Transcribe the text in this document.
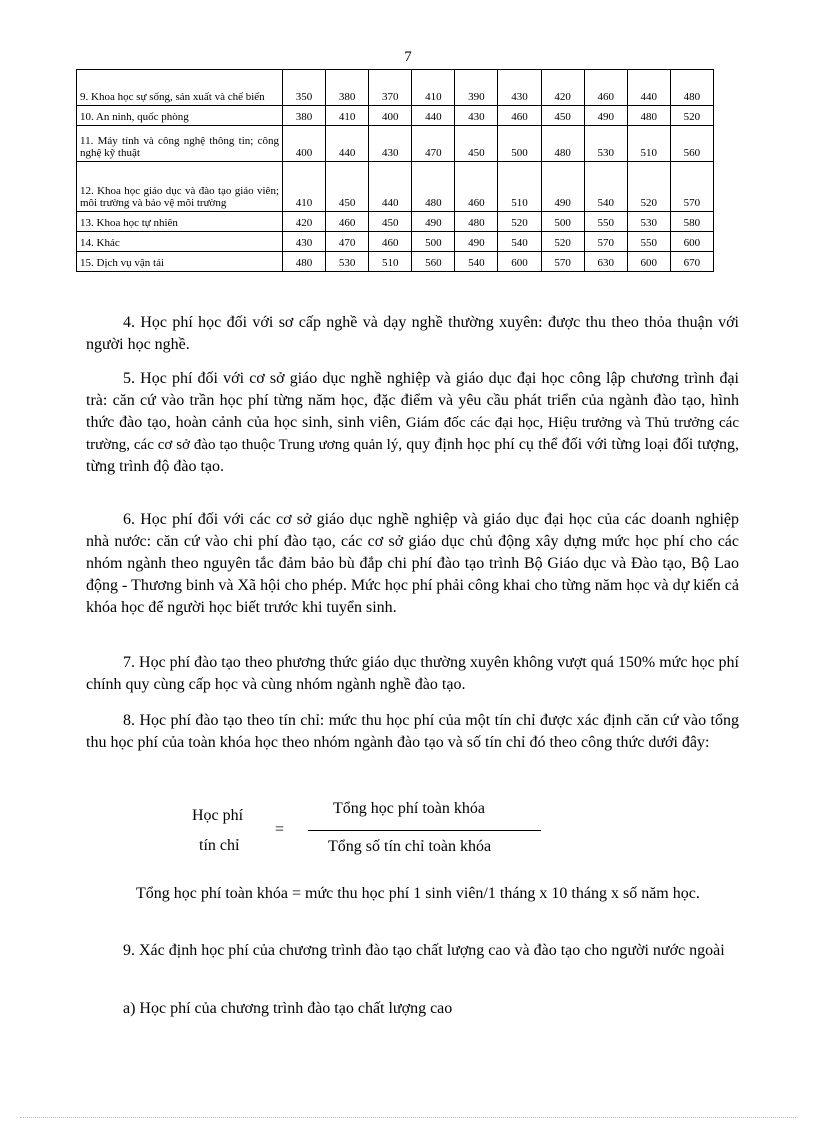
7
9. Khoa học sự sống, sản xuất và chế biến	350	380	370	410	390	430	420	460	440	480
10. An ninh, quốc phòng	380	410	400	440	430	460	450	490	480	520
11. Máy tính và công nghệ thông tin; công nghệ kỹ thuật	400	440	430	470	450	500	480	530	510	560
12. Khoa học giáo dục và đào tạo giáo viên; môi trường và bảo vệ môi trường	410	450	440	480	460	510	490	540	520	570
13. Khoa học tự nhiên	420	460	450	490	480	520	500	550	530	580
14. Khác	430	470	460	500	490	540	520	570	550	600
15. Dịch vụ vận tải	480	530	510	560	540	600	570	630	600	670

4. Học phí học đối với sơ cấp nghề và dạy nghề thường xuyên: được thu theo thỏa thuận với người học nghề.

5. Học phí đối với cơ sở giáo dục nghề nghiệp và giáo dục đại học công lập chương trình đại trà: căn cứ vào trần học phí từng năm học, đặc điểm và yêu cầu phát triển của ngành đào tạo, hình thức đào tạo, hoàn cảnh của học sinh, sinh viên, Giám đốc các đại học, Hiệu trưởng và Thủ trưởng các trường, các cơ sở đào tạo thuộc Trung ương quản lý, quy định học phí cụ thể đối với từng loại đối tượng, từng trình độ đào tạo.

6. Học phí đối với các cơ sở giáo dục nghề nghiệp và giáo dục đại học của các doanh nghiệp nhà nước: căn cứ vào chi phí đào tạo, các cơ sở giáo dục chủ động xây dựng mức học phí cho các nhóm ngành theo nguyên tắc đảm bảo bù đắp chi phí đào tạo trình Bộ Giáo dục và Đào tạo, Bộ Lao động - Thương binh và Xã hội cho phép. Mức học phí phải công khai cho từng năm học và dự kiến cả khóa học để người học biết trước khi tuyển sinh.

7. Học phí đào tạo theo phương thức giáo dục thường xuyên không vượt quá 150% mức học phí chính quy cùng cấp học và cùng nhóm ngành nghề đào tạo.

8. Học phí đào tạo theo tín chỉ: mức thu học phí của một tín chỉ được xác định căn cứ vào tổng thu học phí của toàn khóa học theo nhóm ngành đào tạo và số tín chỉ đó theo công thức dưới đây:

Học phí
tín chỉ
=
Tổng học phí toàn khóa
Tổng số tín chỉ toàn khóa

Tổng học phí toàn khóa = mức thu học phí 1 sinh viên/1 tháng x 10 tháng x số năm học.

9. Xác định học phí của chương trình đào tạo chất lượng cao và đào tạo cho người nước ngoài

a) Học phí của chương trình đào tạo chất lượng cao
